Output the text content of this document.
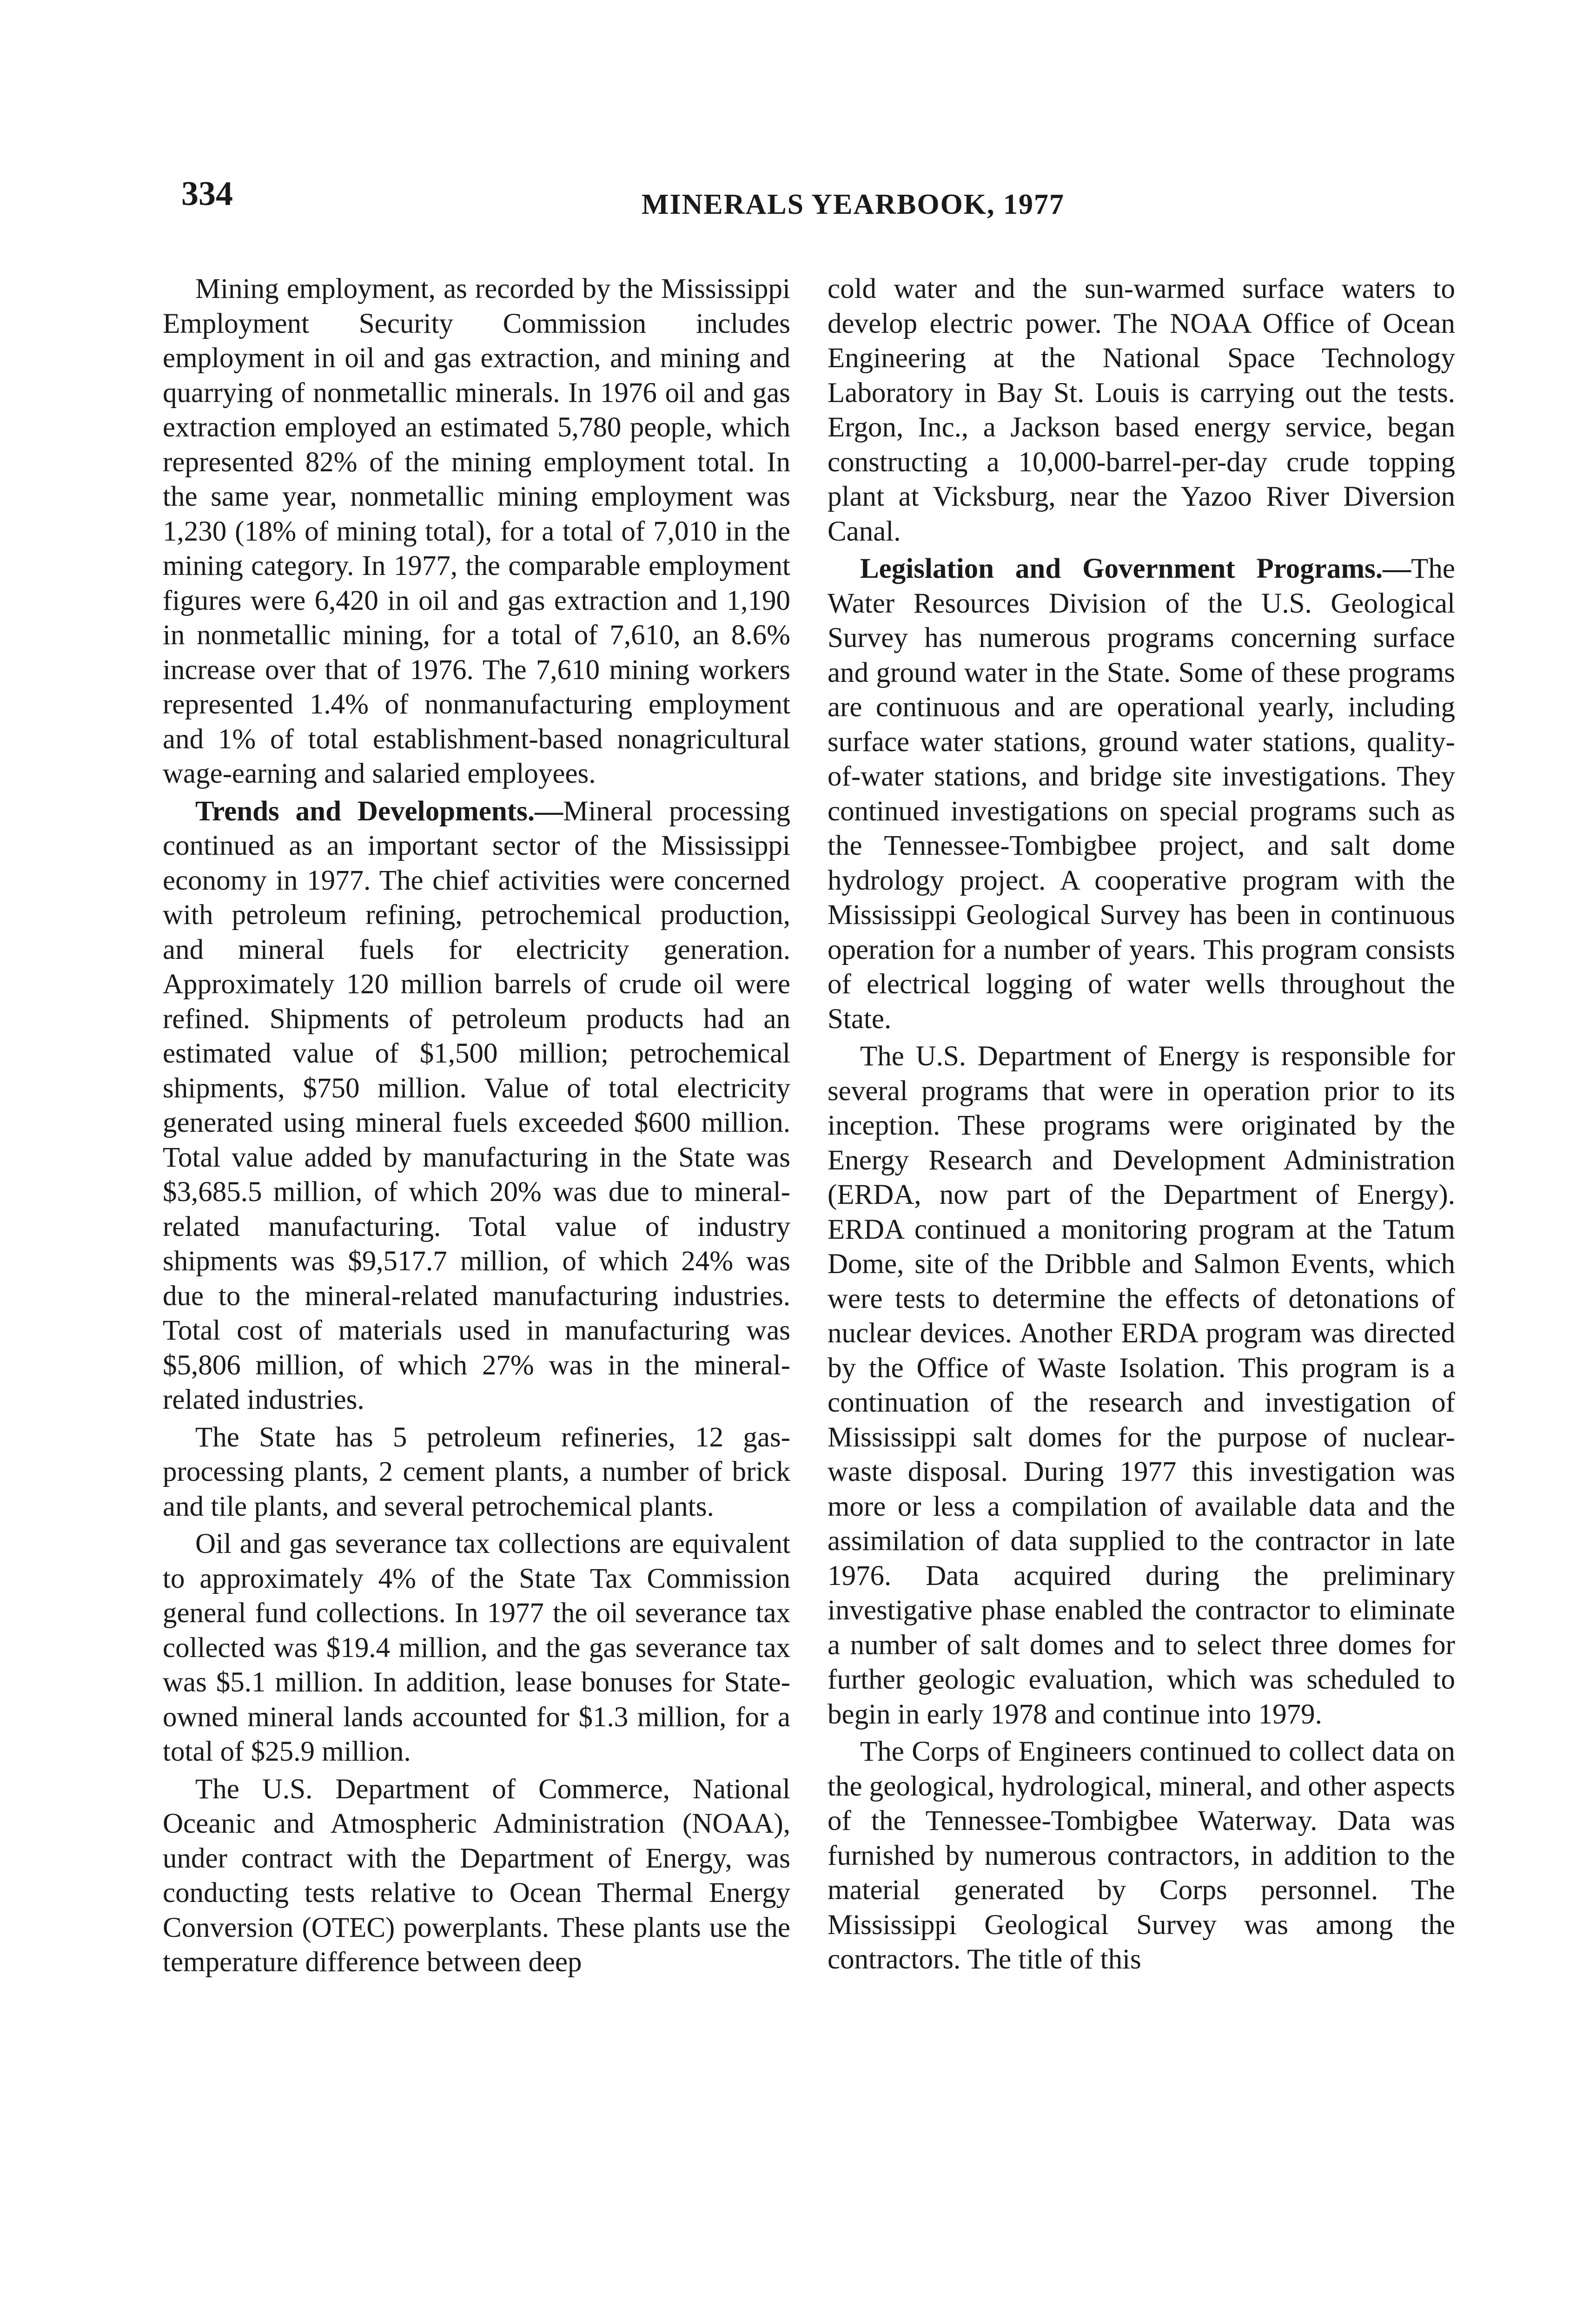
334	MINERALS YEARBOOK, 1977

Mining employment, as recorded by the Mississippi Employment Security Commission includes employment in oil and gas extraction, and mining and quarrying of nonmetallic minerals. In 1976 oil and gas extraction employed an estimated 5,780 people, which represented 82% of the mining employment total. In the same year, nonmetallic mining employment was 1,230 (18% of mining total), for a total of 7,010 in the mining category. In 1977, the comparable employment figures were 6,420 in oil and gas extraction and 1,190 in nonmetallic mining, for a total of 7,610, an 8.6% increase over that of 1976. The 7,610 mining workers represented 1.4% of nonmanufacturing employment and 1% of total establishment-based nonagricultural wage-earning and salaried employees.

Trends and Developments.—Mineral processing continued as an important sector of the Mississippi economy in 1977. The chief activities were concerned with petroleum refining, petrochemical production, and mineral fuels for electricity generation. Approximately 120 million barrels of crude oil were refined. Shipments of petroleum products had an estimated value of $1,500 million; petrochemical shipments, $750 million. Value of total electricity generated using mineral fuels exceeded $600 million. Total value added by manufacturing in the State was $3,685.5 million, of which 20% was due to mineral-related manufacturing. Total value of industry shipments was $9,517.7 million, of which 24% was due to the mineral-related manufacturing industries. Total cost of materials used in manufacturing was $5,806 million, of which 27% was in the mineral-related industries.

The State has 5 petroleum refineries, 12 gas-processing plants, 2 cement plants, a number of brick and tile plants, and several petrochemical plants.

Oil and gas severance tax collections are equivalent to approximately 4% of the State Tax Commission general fund collections. In 1977 the oil severance tax collected was $19.4 million, and the gas severance tax was $5.1 million. In addition, lease bonuses for State-owned mineral lands accounted for $1.3 million, for a total of $25.9 million.

The U.S. Department of Commerce, National Oceanic and Atmospheric Administration (NOAA), under contract with the Department of Energy, was conducting tests relative to Ocean Thermal Energy Conversion (OTEC) powerplants. These plants use the temperature difference between deep

cold water and the sun-warmed surface waters to develop electric power. The NOAA Office of Ocean Engineering at the National Space Technology Laboratory in Bay St. Louis is carrying out the tests. Ergon, Inc., a Jackson based energy service, began constructing a 10,000-barrel-per-day crude topping plant at Vicksburg, near the Yazoo River Diversion Canal.

Legislation and Government Programs.—The Water Resources Division of the U.S. Geological Survey has numerous programs concerning surface and ground water in the State. Some of these programs are continuous and are operational yearly, including surface water stations, ground water stations, quality-of-water stations, and bridge site investigations. They continued investigations on special programs such as the Tennessee-Tombigbee project, and salt dome hydrology project. A cooperative program with the Mississippi Geological Survey has been in continuous operation for a number of years. This program consists of electrical logging of water wells throughout the State.

The U.S. Department of Energy is responsible for several programs that were in operation prior to its inception. These programs were originated by the Energy Research and Development Administration (ERDA, now part of the Department of Energy). ERDA continued a monitoring program at the Tatum Dome, site of the Dribble and Salmon Events, which were tests to determine the effects of detonations of nuclear devices. Another ERDA program was directed by the Office of Waste Isolation. This program is a continuation of the research and investigation of Mississippi salt domes for the purpose of nuclear-waste disposal. During 1977 this investigation was more or less a compilation of available data and the assimilation of data supplied to the contractor in late 1976. Data acquired during the preliminary investigative phase enabled the contractor to eliminate a number of salt domes and to select three domes for further geologic evaluation, which was scheduled to begin in early 1978 and continue into 1979.

The Corps of Engineers continued to collect data on the geological, hydrological, mineral, and other aspects of the Tennessee-Tombigbee Waterway. Data was furnished by numerous contractors, in addition to the material generated by Corps personnel. The Mississippi Geological Survey was among the contractors. The title of this
